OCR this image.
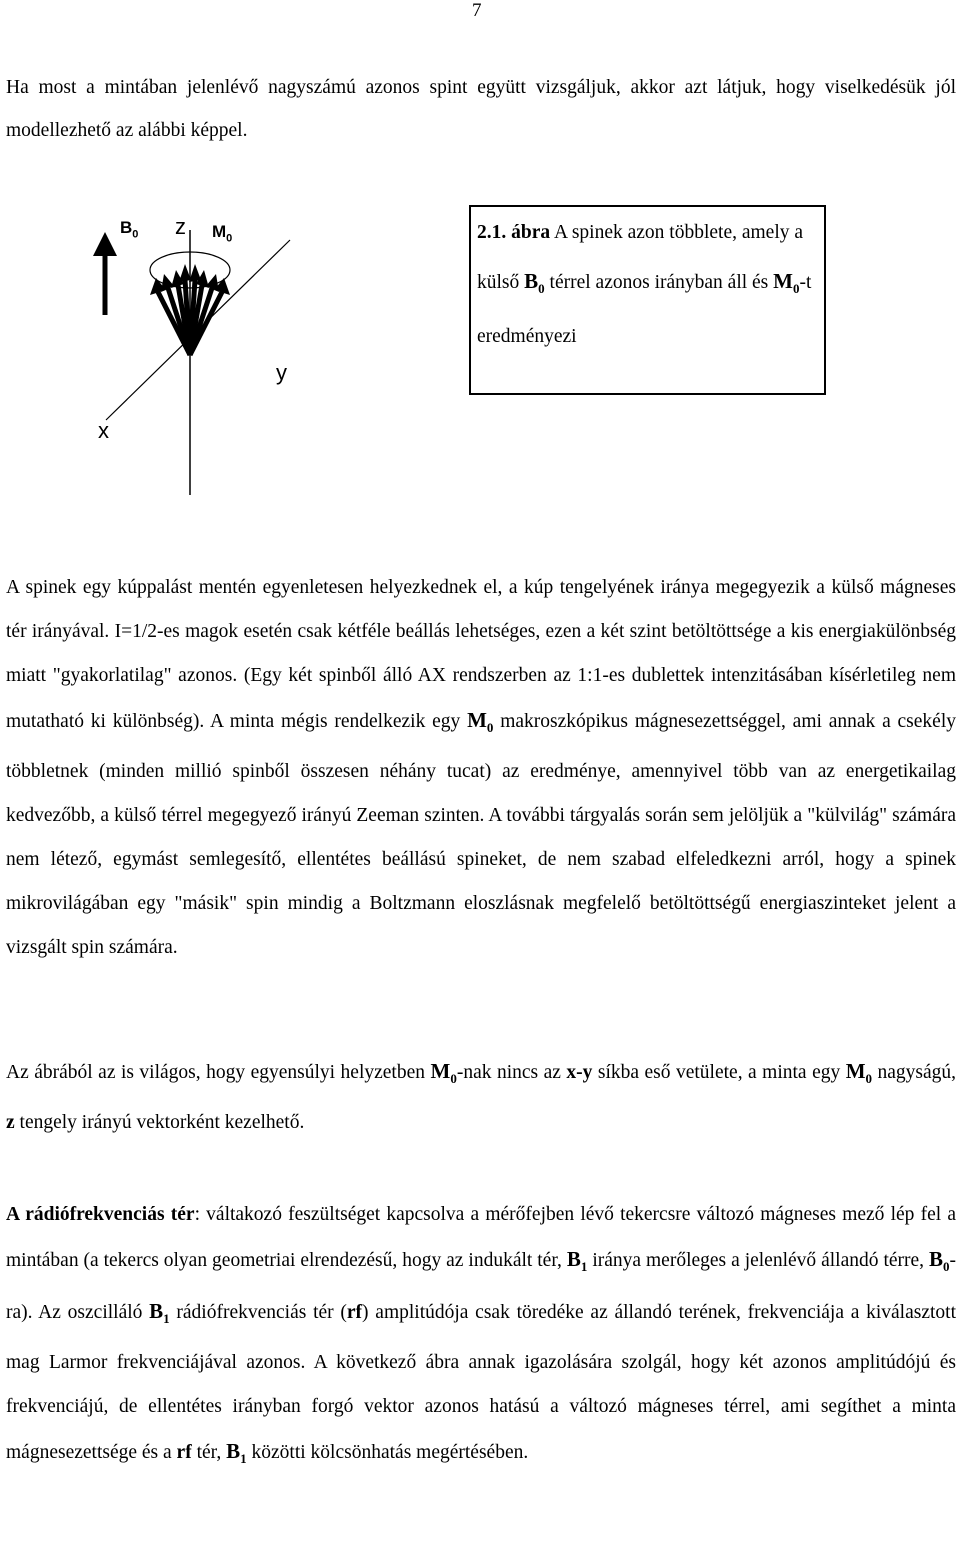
7
Ha most a mintában jelenlévő nagyszámú azonos spint együtt vizsgáljuk, akkor azt látjuk, hogy viselkedésük jól modellezhető az alábbi képpel.
$B_0$ z $M_0$
y
x
2.1. ábra A spinek azon többlete, amely a külső $B_0$ térrel azonos irányban áll és $M_0-t$ eredményezi
A spinek egy kúppalást mentén egyenletesen helyezkednek el, a kúp tengelyének iránya megegyezik a külső mágneses tér irányával. I=1/2-es magok esetén csak kétféle beállás lehetséges, ezen a két szint betöltöttsége a kis energiakülönbség miatt "gyakorlatilag" azonos. (Egy két spinből álló AX rendszerben az 1:1-es dublettek intenzitásában kísérletileg nem mutatható ki különbség). A minta mégis rendelkezik egy $M_0$ makroszkópikus mágnesezettséggel, ami annak a csekély többletnek (minden millió spinből összesen néhány tucat) az eredménye, amennyivel több van az energetikailag kedvezőbb, a külső térrel megegyező irányú Zeeman szinten. A további tárgyalás során sem jelöljük a "külvilág" számára nem létező, egymást semlegesítő, ellentétes beállású spineket, de nem szabad elfeledkezni arról, hogy a spinek mikrovilágában egy "másik" spin mindig a Boltzmann eloszlásnak megfelelő betöltöttségű energiaszinteket jelent a vizsgált spin számára.
Az ábrából az is világos, hogy egyensúlyi helyzetben $M_0$-nak nincs az x-y síkba eső vetülete, a minta egy $M_0$ nagyságú, z tengely irányú vektorként kezelhető.
A rádiófrekvenciás tér: váltakozó feszültséget kapcsolva a mérőfejben lévő tekercsre változó mágneses mező lép fel a mintában (a tekercs olyan geometriai elrendezésű, hogy az indukált tér, $B_1$ iránya merőleges a jelenlévő állandó térre, $B_0-ra$). Az oszcilláló $B_1$ rádiófrekvenciás tér (rf) amplitúdója csak töredéke az állandó terének, frekvenciája a kiválasztott mag Larmor frekvenciájával azonos. A következő ábra annak igazolására szolgál, hogy két azonos amplitúdójú és frekvenciájú, de ellentétes irányban forgó vektor azonos hatású a változó mágneses térrel, ami segíthet a minta mágnesezettsége és a rf tér, $B_1$ közötti kölcsönhatás megértésében.
